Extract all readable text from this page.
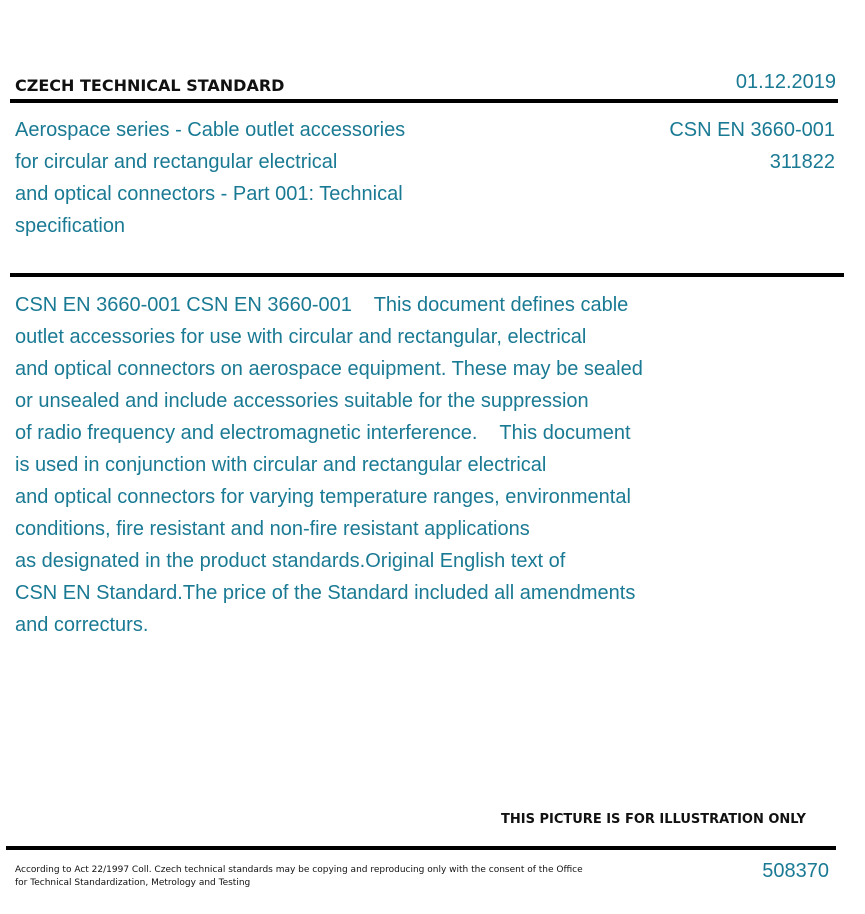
CZECH TECHNICAL STANDARD	01.12.2019
Aerospace series - Cable outlet accessories
for circular and rectangular electrical
and optical connectors - Part 001: Technical
specification
CSN EN 3660-001
311822
CSN EN 3660-001 CSN EN 3660-001    This document defines cable
outlet accessories for use with circular and rectangular, electrical
and optical connectors on aerospace equipment. These may be sealed
or unsealed and include accessories suitable for the suppression
of radio frequency and electromagnetic interference.    This document
is used in conjunction with circular and rectangular electrical
and optical connectors for varying temperature ranges, environmental
conditions, fire resistant and non-fire resistant applications
as designated in the product standards.Original English text of
CSN EN Standard.The price of the Standard included all amendments
and correcturs.
THIS PICTURE IS FOR ILLUSTRATION ONLY
According to Act 22/1997 Coll. Czech technical standards may be copying and reproducing only with the consent of the Office
for Technical Standardization, Metrology and Testing
508370
